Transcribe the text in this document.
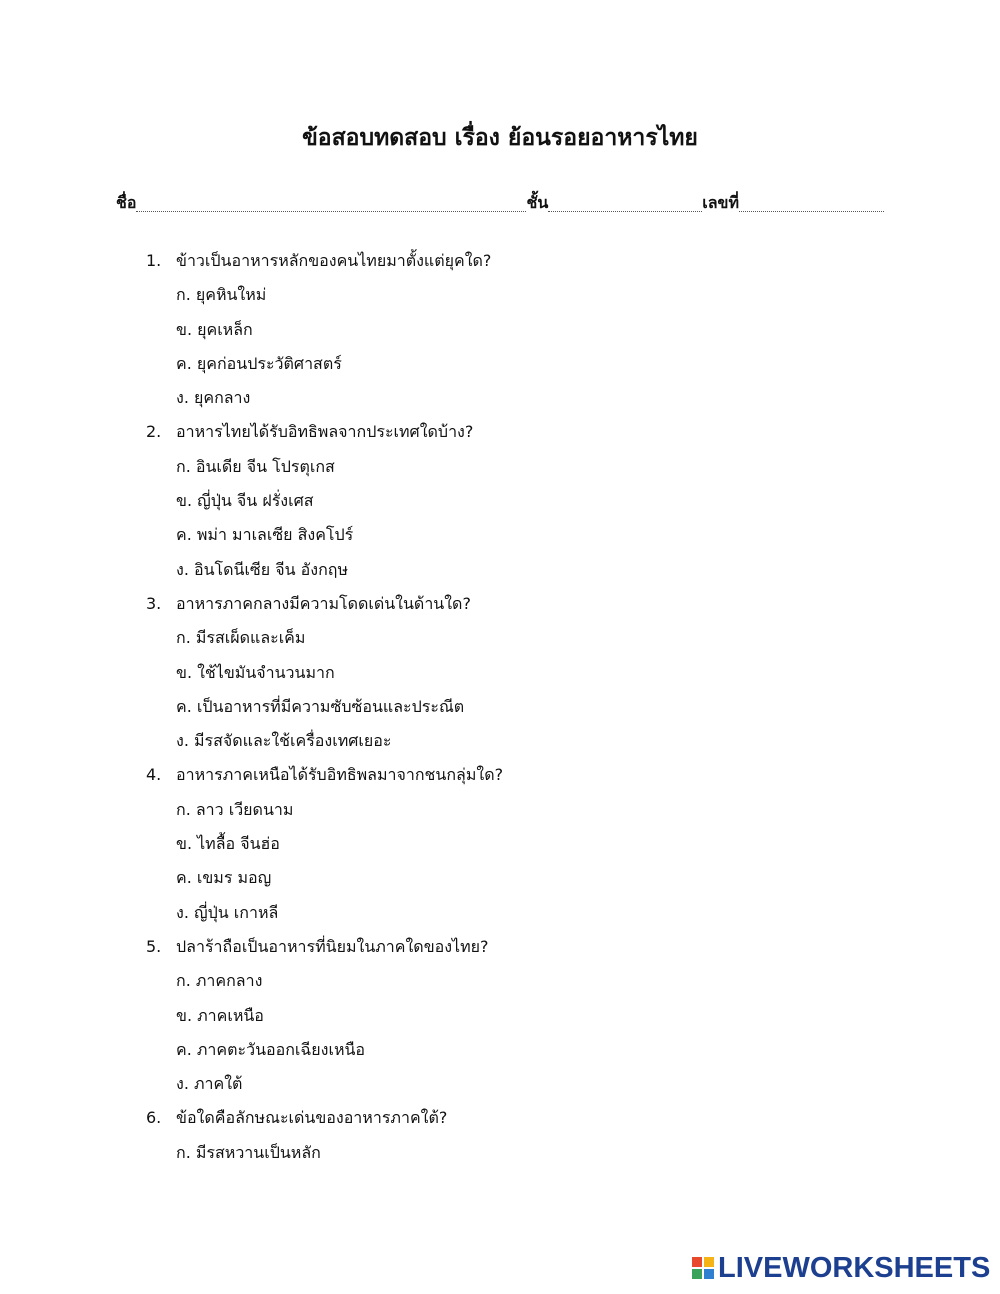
ข้อสอบทดสอบ เรื่อง ย้อนรอยอาหารไทย
ชื่อ	ชั้น	เลขที่
1. ข้าวเป็นอาหารหลักของคนไทยมาตั้งแต่ยุคใด?
ก. ยุคหินใหม่
ข. ยุคเหล็ก
ค. ยุคก่อนประวัติศาสตร์
ง. ยุคกลาง
2. อาหารไทยได้รับอิทธิพลจากประเทศใดบ้าง?
ก. อินเดีย จีน โปรตุเกส
ข. ญี่ปุ่น จีน ฝรั่งเศส
ค. พม่า มาเลเซีย สิงคโปร์
ง. อินโดนีเซีย จีน อังกฤษ
3. อาหารภาคกลางมีความโดดเด่นในด้านใด?
ก. มีรสเผ็ดและเค็ม
ข. ใช้ไขมันจำนวนมาก
ค. เป็นอาหารที่มีความซับซ้อนและประณีต
ง. มีรสจัดและใช้เครื่องเทศเยอะ
4. อาหารภาคเหนือได้รับอิทธิพลมาจากชนกลุ่มใด?
ก. ลาว เวียดนาม
ข. ไทลื้อ จีนฮ่อ
ค. เขมร มอญ
ง. ญี่ปุ่น เกาหลี
5. ปลาร้าถือเป็นอาหารที่นิยมในภาคใดของไทย?
ก. ภาคกลาง
ข. ภาคเหนือ
ค. ภาคตะวันออกเฉียงเหนือ
ง. ภาคใต้
6. ข้อใดคือลักษณะเด่นของอาหารภาคใต้?
ก. มีรสหวานเป็นหลัก
LIVEWORKSHEETS
